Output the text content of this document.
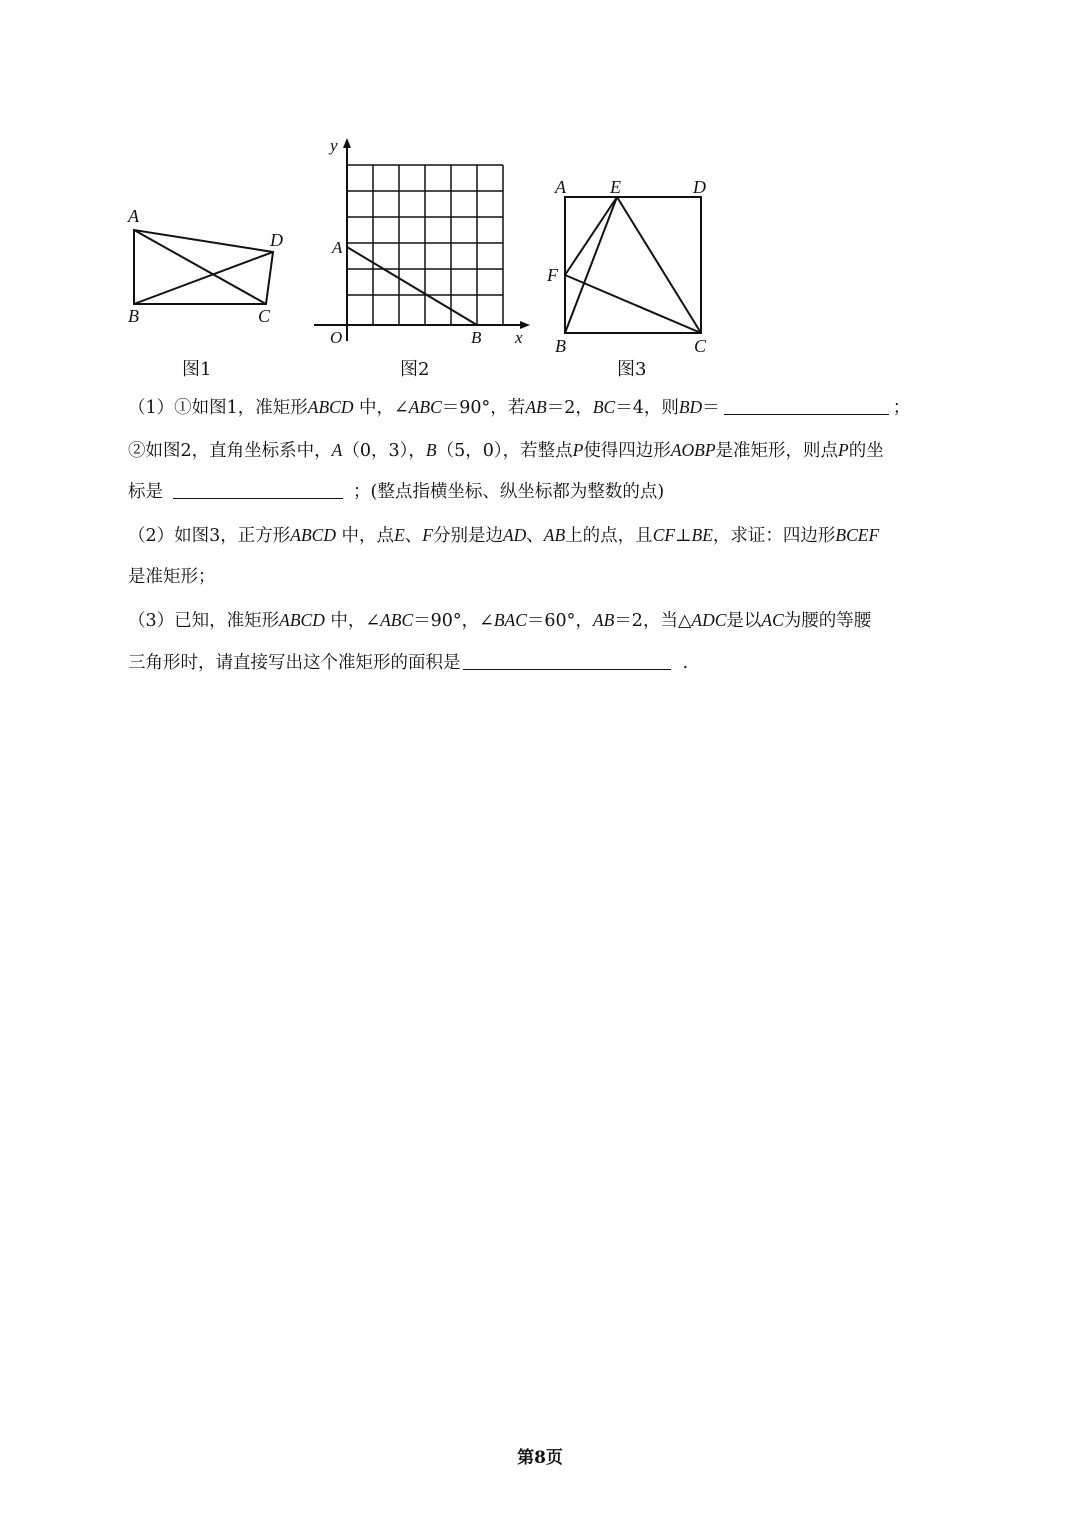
A
B	C
D
图1
y
x
O
A
B
图2
A E	D
F
B	C
图3
（1）①如图1，准矩形ABCD 中，∠ABC＝90°，若AB＝2，BC＝4，则BD＝	；
②如图2，直角坐标系中，A（0，3），B（5，0），若整点P使得四边形AOBP是准矩形，则点P的坐
标是	；(整点指横坐标、纵坐标都为整数的点)
（2）如图3，正方形ABCD 中，点E、F分别是边AD、AB上的点，且CF⊥BE，求证：四边形BCEF
是准矩形；
（3）已知，准矩形ABCD 中，∠ABC＝90°，∠BAC＝60°，AB＝2，当△ADC是以AC为腰的等腰
三角形时，请直接写出这个准矩形的面积是	.
第8页
